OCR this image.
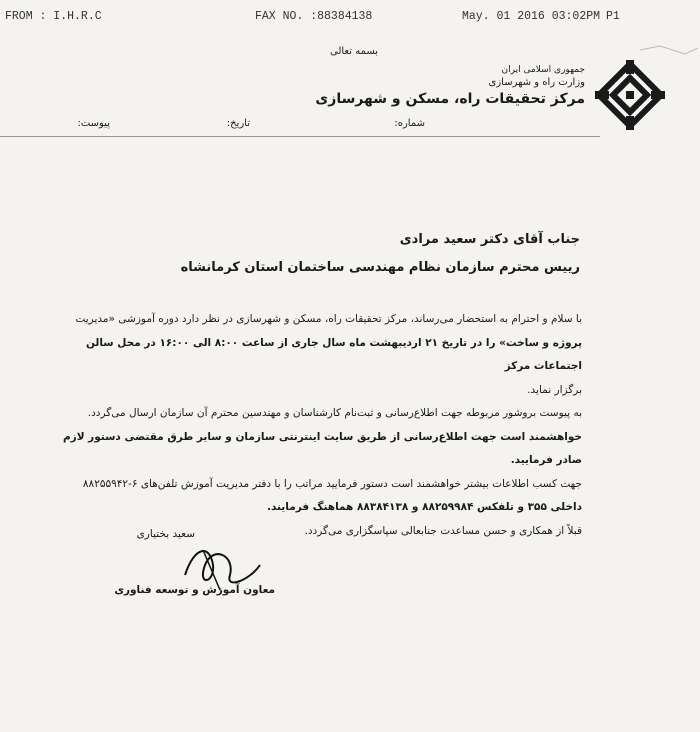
FROM : I.H.R.C	FAX NO. :88384138	May. 01 2016 03:02PM P1
بسمه تعالی
جمهوری اسلامی ایران
وزارت راه و شهرسازی
مرکز تحقیقات راه، مسکن و شهرسازی
شماره:
تاریخ:
پیوست:
جناب آقای دکتر سعید مرادی
رییس محترم سازمان نظام مهندسی ساختمان استان کرمانشاه

با سلام و احترام به استحضار می‌رساند، مرکز تحقیقات راه، مسکن و شهرسازی در نظر دارد دوره آموزشی «مدیریت

پروژه و ساخت» را در تاریخ ۲۱ اردیبهشت ماه سال جاری از ساعت ۸:۰۰ الی ۱۶:۰۰ در محل سالن اجتماعات مرکز

برگزار نماید.

به پیوست بروشور مربوطه جهت اطلاع‌رسانی و ثبت‌نام کارشناسان و مهندسین محترم آن سازمان ارسال می‌گردد.

خواهشمند است جهت اطلاع‌رسانی از طریق سایت اینترنتی سازمان و سایر طرق مقتضی دستور لازم صادر فرمایید.

جهت کسب اطلاعات بیشتر خواهشمند است دستور فرمایید مراتب را با دفتر مدیریت آموزش تلفن‌های ۶-۸۸۲۵۵۹۴۲

داخلی ۳۵۵ و تلفکس ۸۸۲۵۹۹۸۴ و ۸۸۳۸۴۱۳۸ هماهنگ فرمایند.

قبلاً از همکاری و حسن مساعدت جنابعالی سپاسگزاری می‌گردد.

سعید بختیاری
معاون آموزش و توسعه فناوری
